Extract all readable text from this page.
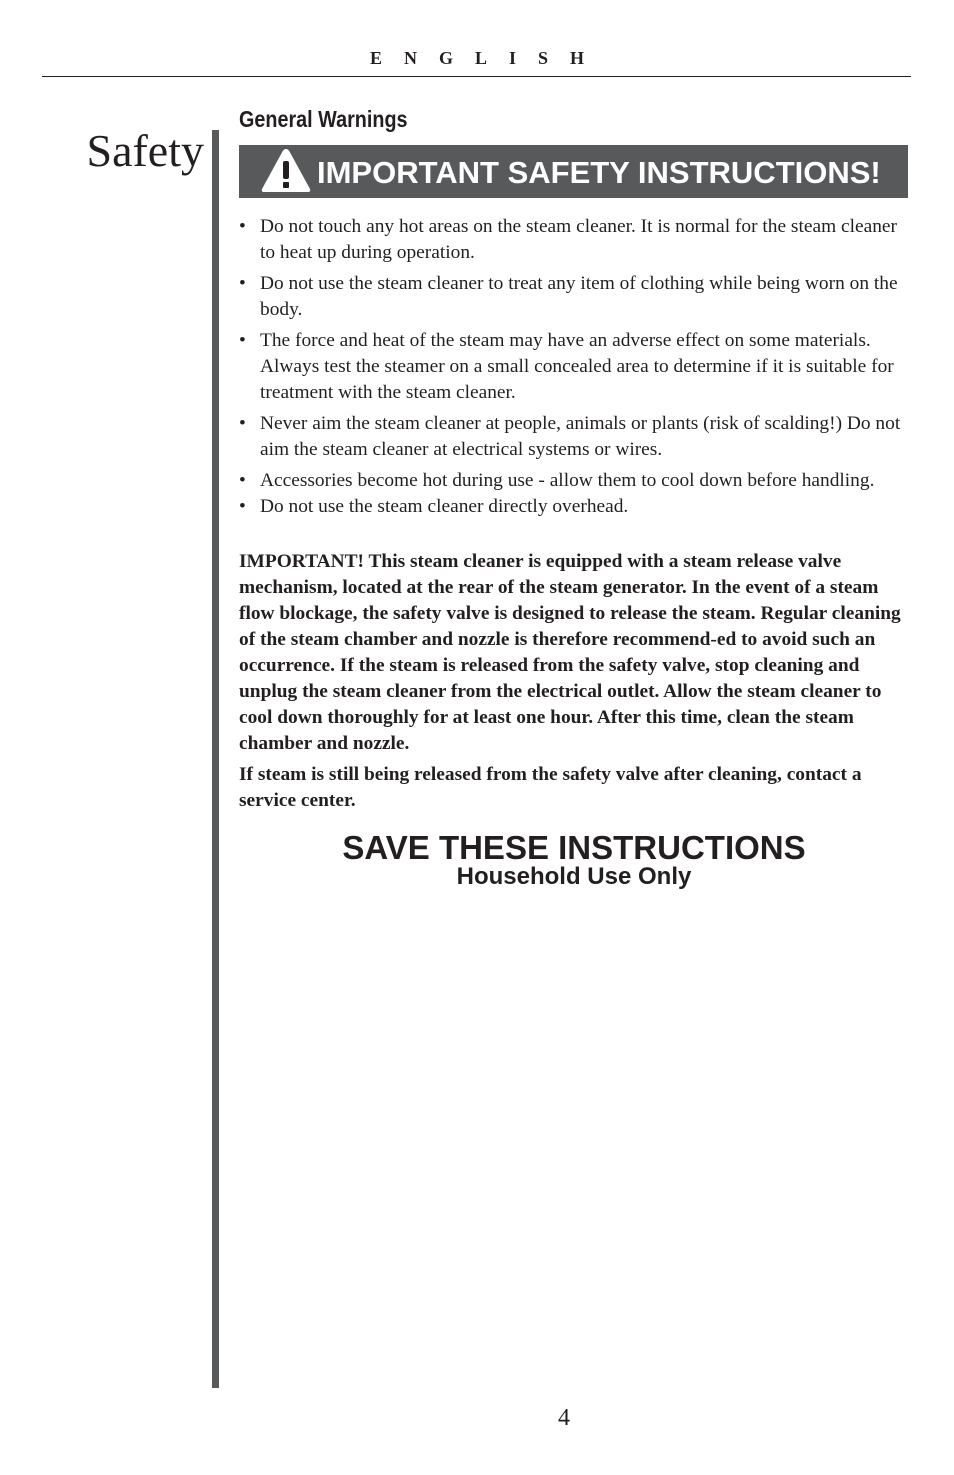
ENGLISH
Safety
General Warnings
IMPORTANT SAFETY INSTRUCTIONS!
• Do not touch any hot areas on the steam cleaner. It is normal for the steam cleaner to heat up during operation.
• Do not use the steam cleaner to treat any item of clothing while being worn on the body.
• The force and heat of the steam may have an adverse effect on some materials. Always test the steamer on a small concealed area to determine if it is suitable for treatment with the steam cleaner.
• Never aim the steam cleaner at people, animals or plants (risk of scalding!) Do not aim the steam cleaner at electrical systems or wires.
• Accessories become hot during use - allow them to cool down before handling.
• Do not use the steam cleaner directly overhead.

IMPORTANT! This steam cleaner is equipped with a steam release valve mechanism, located at the rear of the steam generator. In the event of a steam flow blockage, the safety valve is designed to release the steam. Regular cleaning of the steam chamber and nozzle is therefore recommend-ed to avoid such an occurrence. If the steam is released from the safety valve, stop cleaning and unplug the steam cleaner from the electrical outlet. Allow the steam cleaner to cool down thoroughly for at least one hour. After this time, clean the steam chamber and nozzle.

If steam is still being released from the safety valve after cleaning, contact a service center.

SAVE THESE INSTRUCTIONS
Household Use Only
4
